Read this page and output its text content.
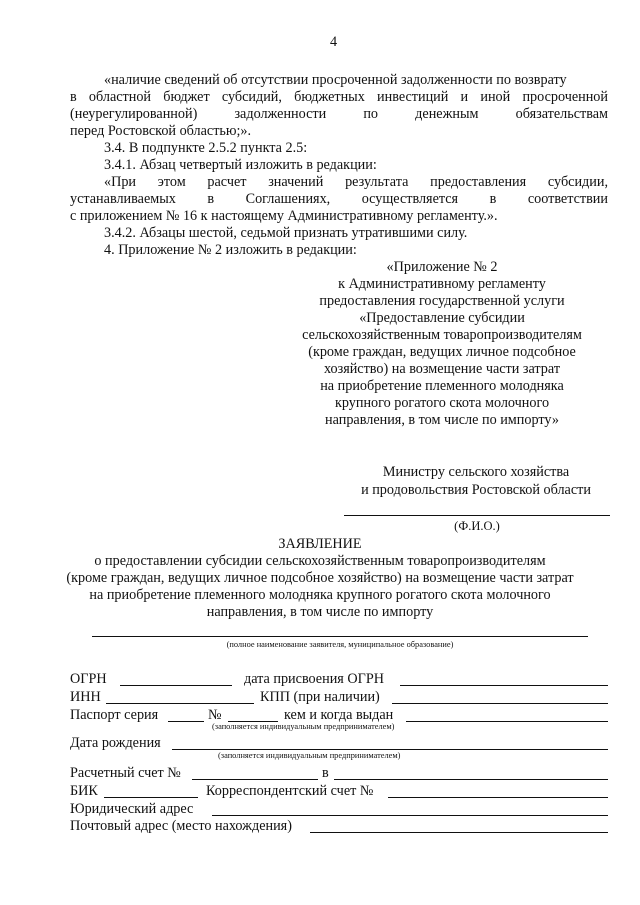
4
«наличие сведений об отсутствии просроченной задолженности по возврату
в областной бюджет субсидий, бюджетных инвестиций и иной просроченной
(неурегулированной) задолженности по денежным обязательствам
перед Ростовской областью;».
3.4. В подпункте 2.5.2 пункта 2.5:
3.4.1. Абзац четвертый изложить в редакции:
«При этом расчет значений результата предоставления субсидии,
устанавливаемых в Соглашениях, осуществляется в соответствии
с приложением № 16 к настоящему Административному регламенту.».
3.4.2. Абзацы шестой, седьмой признать утратившими силу.
4. Приложение № 2 изложить в редакции:
«Приложение № 2
к Административному регламенту
предоставления государственной услуги
«Предоставление субсидии
сельскохозяйственным товаропроизводителям
(кроме граждан, ведущих личное подсобное
хозяйство) на возмещение части затрат
на приобретение племенного молодняка
крупного рогатого скота молочного
направления, в том числе по импорту»
Министру сельского хозяйства
и продовольствия Ростовской области
(Ф.И.О.)
ЗАЯВЛЕНИЕ
о предоставлении субсидии сельскохозяйственным товаропроизводителям
(кроме граждан, ведущих личное подсобное хозяйство) на возмещение части затрат
на приобретение племенного молодняка крупного рогатого скота молочного
направления, в том числе по импорту
(полное наименование заявителя, муниципальное образование)
ОГРН	дата присвоения ОГРН
ИНН	КПП (при наличии)
Паспорт серия	№	кем и когда выдан
(заполняется индивидуальным предпринимателем)
Дата рождения
(заполняется индивидуальным предпринимателем)
Расчетный счет №	в
БИК	Корреспондентский счет №
Юридический адрес
Почтовый адрес (место нахождения)
